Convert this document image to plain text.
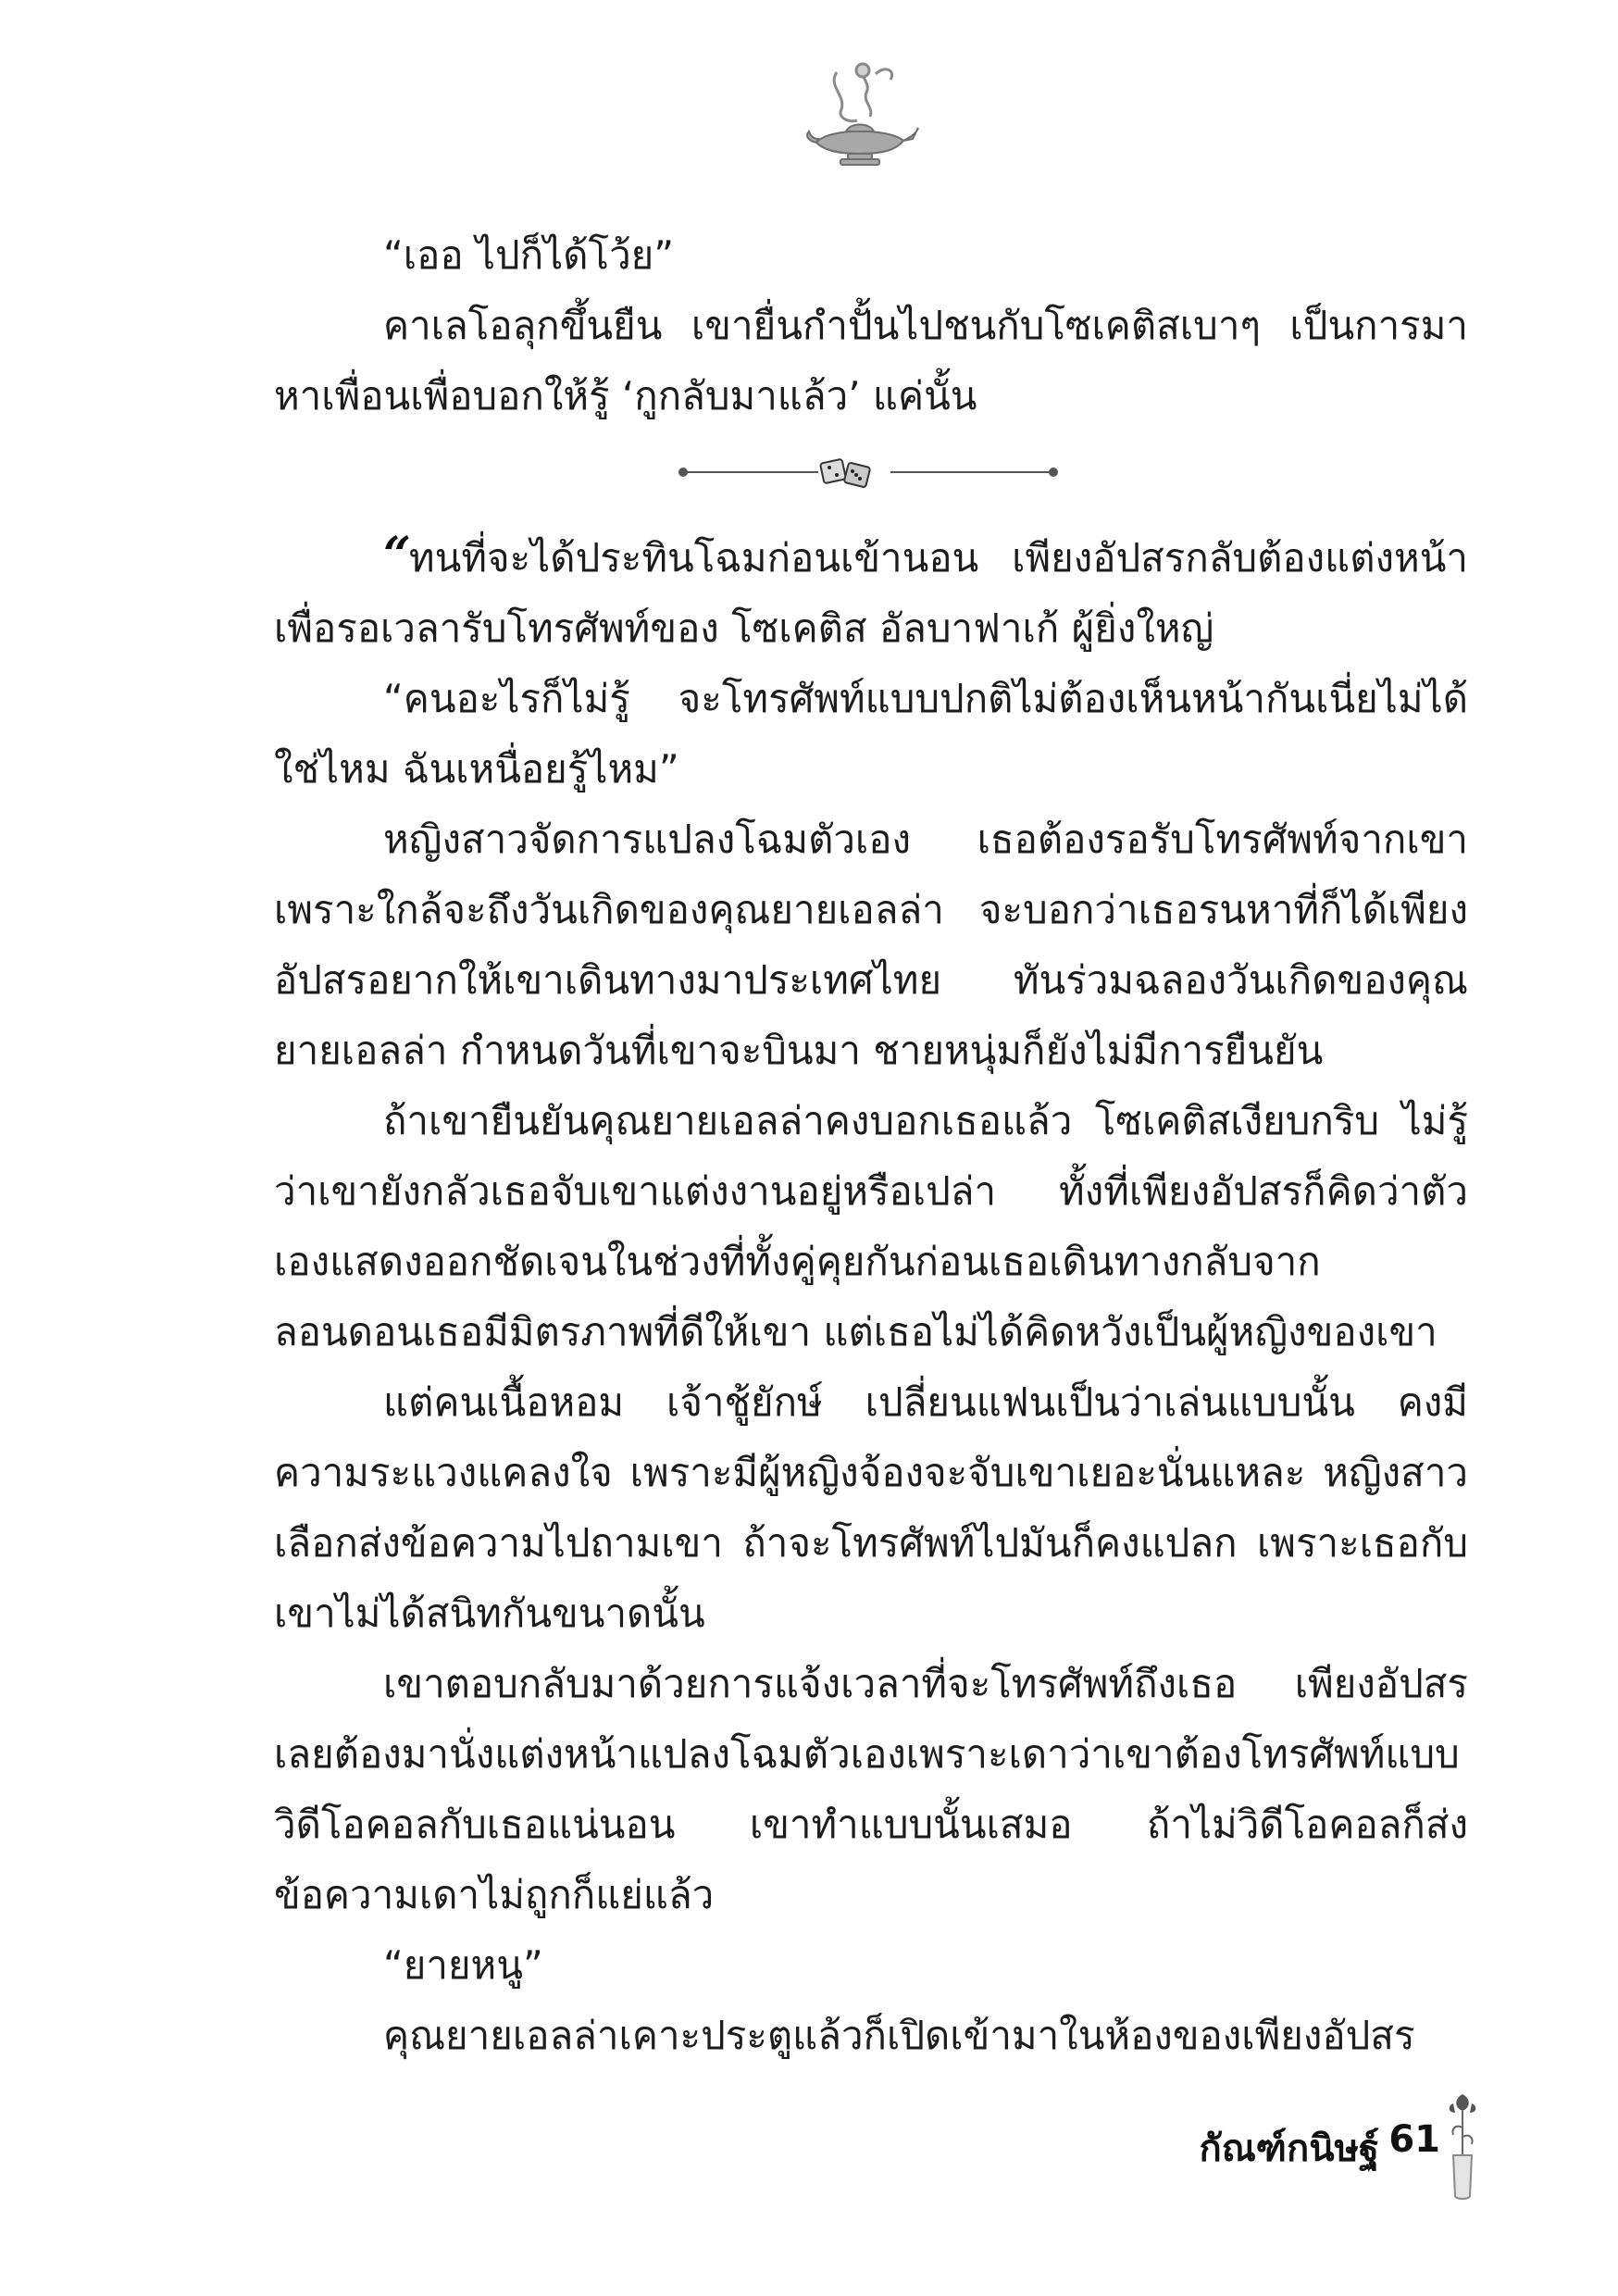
“เออ ไปก็ได้โว้ย”

คาเลโอลุกขึ้นยืน เขายื่นกำปั้นไปชนกับโซเคติสเบาๆ เป็นการมาหาเพื่อนเพื่อบอกให้รู้ ‘กูกลับมาแล้ว’ แค่นั้น

“ทนที่จะได้ประทินโฉมก่อนเข้านอน เพียงอัปสรกลับต้องแต่งหน้าเพื่อรอเวลารับโทรศัพท์ของ โซเคติส อัลบาฟาเก้ ผู้ยิ่งใหญ่

“คนอะไรก็ไม่รู้ จะโทรศัพท์แบบปกติไม่ต้องเห็นหน้ากันเนี่ยไม่ได้ใช่ไหม ฉันเหนื่อยรู้ไหม”

หญิงสาวจัดการแปลงโฉมตัวเอง เธอต้องรอรับโทรศัพท์จากเขาเพราะใกล้จะถึงวันเกิดของคุณยายเอลล่า จะบอกว่าเธอรนหาที่ก็ได้เพียงอัปสรอยากให้เขาเดินทางมาประเทศไทย ทันร่วมฉลองวันเกิดของคุณยายเอลล่า กำหนดวันที่เขาจะบินมา ชายหนุ่มก็ยังไม่มีการยืนยัน

ถ้าเขายืนยันคุณยายเอลล่าคงบอกเธอแล้ว โซเคติสเงียบกริบ ไม่รู้ว่าเขายังกลัวเธอจับเขาแต่งงานอยู่หรือเปล่า ทั้งที่เพียงอัปสรก็คิดว่าตัวเองแสดงออกชัดเจนในช่วงที่ทั้งคู่คุยกันก่อนเธอเดินทางกลับจากลอนดอนเธอมีมิตรภาพที่ดีให้เขา แต่เธอไม่ได้คิดหวังเป็นผู้หญิงของเขา

แต่คนเนื้อหอม เจ้าชู้ยักษ์ เปลี่ยนแฟนเป็นว่าเล่นแบบนั้น คงมีความระแวงแคลงใจ เพราะมีผู้หญิงจ้องจะจับเขาเยอะนั่นแหละ หญิงสาวเลือกส่งข้อความไปถามเขา ถ้าจะโทรศัพท์ไปมันก็คงแปลก เพราะเธอกับเขาไม่ได้สนิทกันขนาดนั้น

เขาตอบกลับมาด้วยการแจ้งเวลาที่จะโทรศัพท์ถึงเธอ เพียงอัปสรเลยต้องมานั่งแต่งหน้าแปลงโฉมตัวเองเพราะเดาว่าเขาต้องโทรศัพท์แบบวิดีโอคอลกับเธอแน่นอน เขาทำแบบนั้นเสมอ ถ้าไม่วิดีโอคอลก็ส่งข้อความเดาไม่ถูกก็แย่แล้ว

“ยายหนู”

คุณยายเอลล่าเคาะประตูแล้วก็เปิดเข้ามาในห้องของเพียงอัปสร

กัณฑ์กนิษฐ์ 61
